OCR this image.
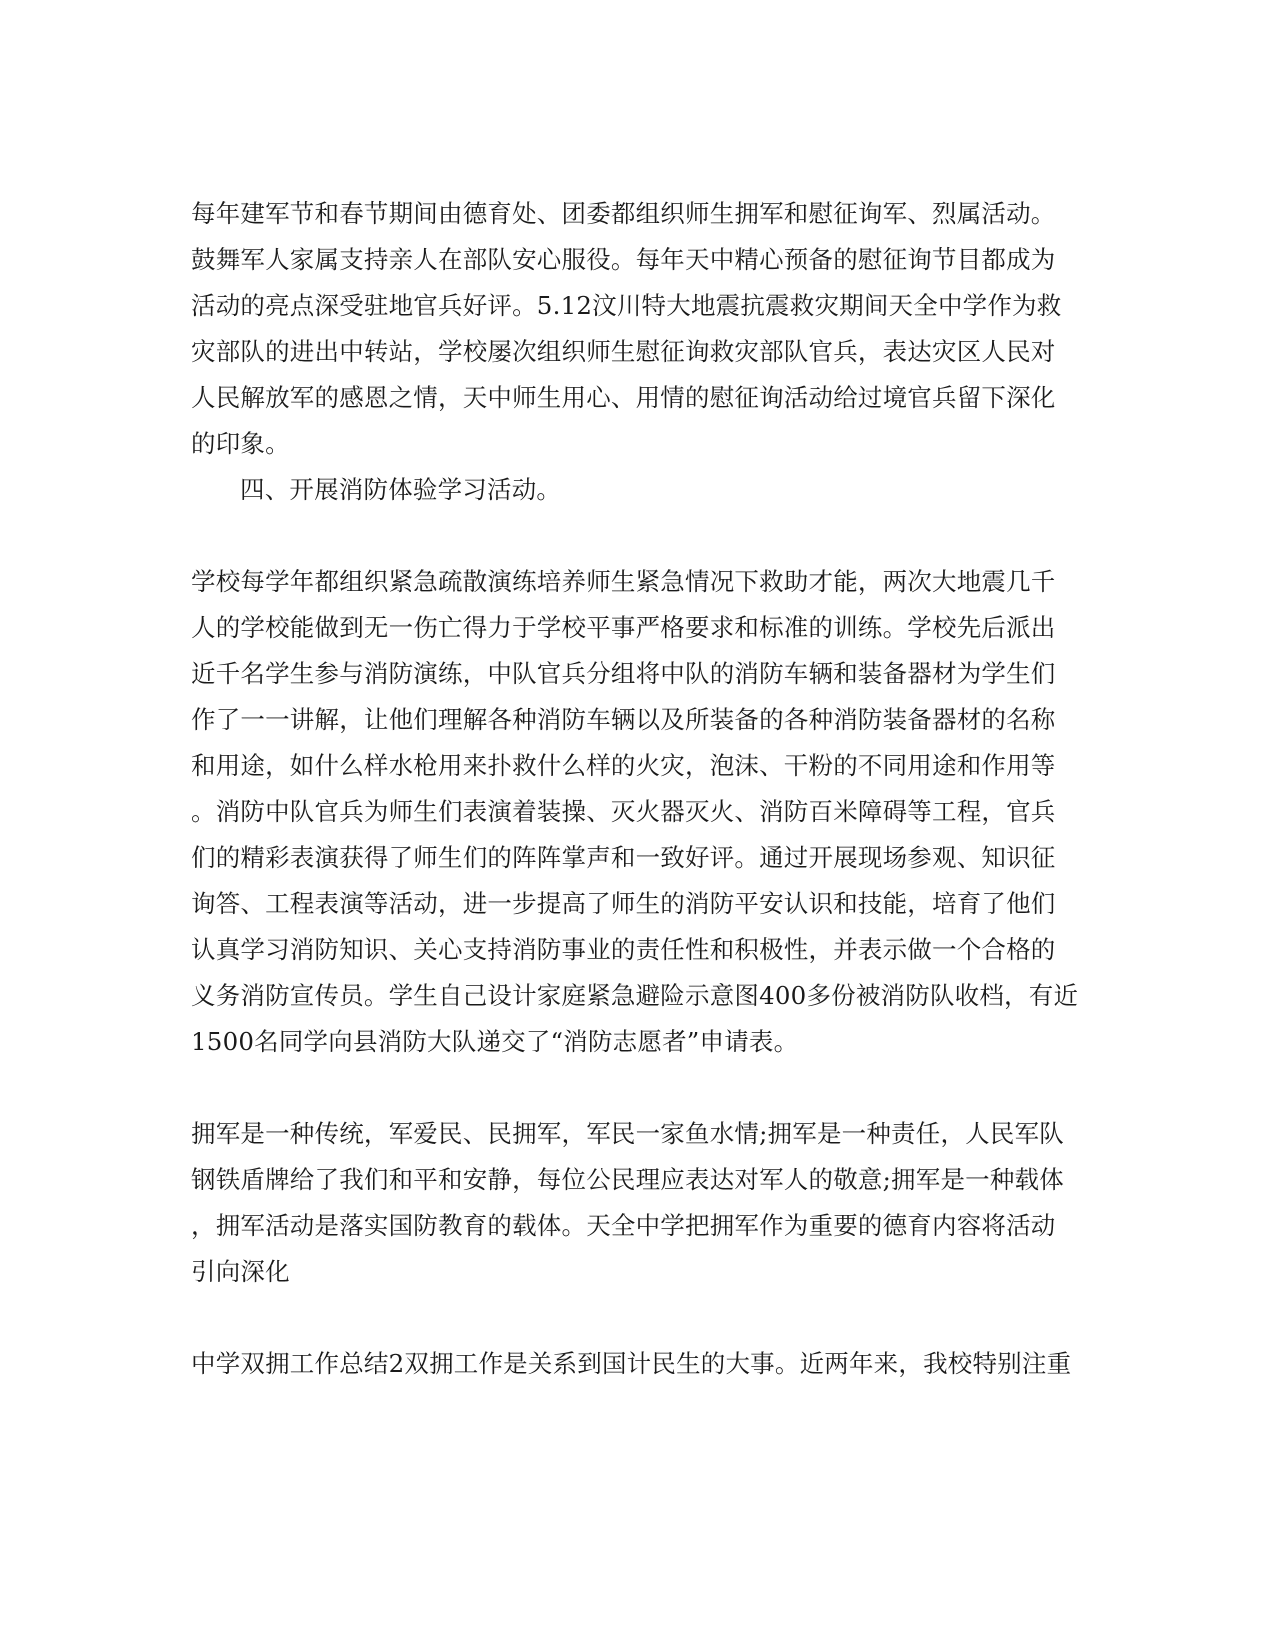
每年建军节和春节期间由德育处、团委都组织师生拥军和慰征询军、烈属活动。
鼓舞军人家属支持亲人在部队安心服役。每年天中精心预备的慰征询节目都成为
活动的亮点深受驻地官兵好评。5.12汶川特大地震抗震救灾期间天全中学作为救
灾部队的进出中转站，学校屡次组织师生慰征询救灾部队官兵，表达灾区人民对
人民解放军的感恩之情，天中师生用心、用情的慰征询活动给过境官兵留下深化
的印象。
四、开展消防体验学习活动。
学校每学年都组织紧急疏散演练培养师生紧急情况下救助才能，两次大地震几千
人的学校能做到无一伤亡得力于学校平事严格要求和标准的训练。学校先后派出
近千名学生参与消防演练，中队官兵分组将中队的消防车辆和装备器材为学生们
作了一一讲解，让他们理解各种消防车辆以及所装备的各种消防装备器材的名称
和用途，如什么样水枪用来扑救什么样的火灾，泡沫、干粉的不同用途和作用等
。消防中队官兵为师生们表演着装操、灭火器灭火、消防百米障碍等工程，官兵
们的精彩表演获得了师生们的阵阵掌声和一致好评。通过开展现场参观、知识征
询答、工程表演等活动，进一步提高了师生的消防平安认识和技能，培育了他们
认真学习消防知识、关心支持消防事业的责任性和积极性，并表示做一个合格的
义务消防宣传员。学生自己设计家庭紧急避险示意图400多份被消防队收档，有近
1500名同学向县消防大队递交了“消防志愿者”申请表。
拥军是一种传统，军爱民、民拥军，军民一家鱼水情;拥军是一种责任，人民军队
钢铁盾牌给了我们和平和安静，每位公民理应表达对军人的敬意;拥军是一种载体
，拥军活动是落实国防教育的载体。天全中学把拥军作为重要的德育内容将活动
引向深化
中学双拥工作总结2双拥工作是关系到国计民生的大事。近两年来，我校特别注重
